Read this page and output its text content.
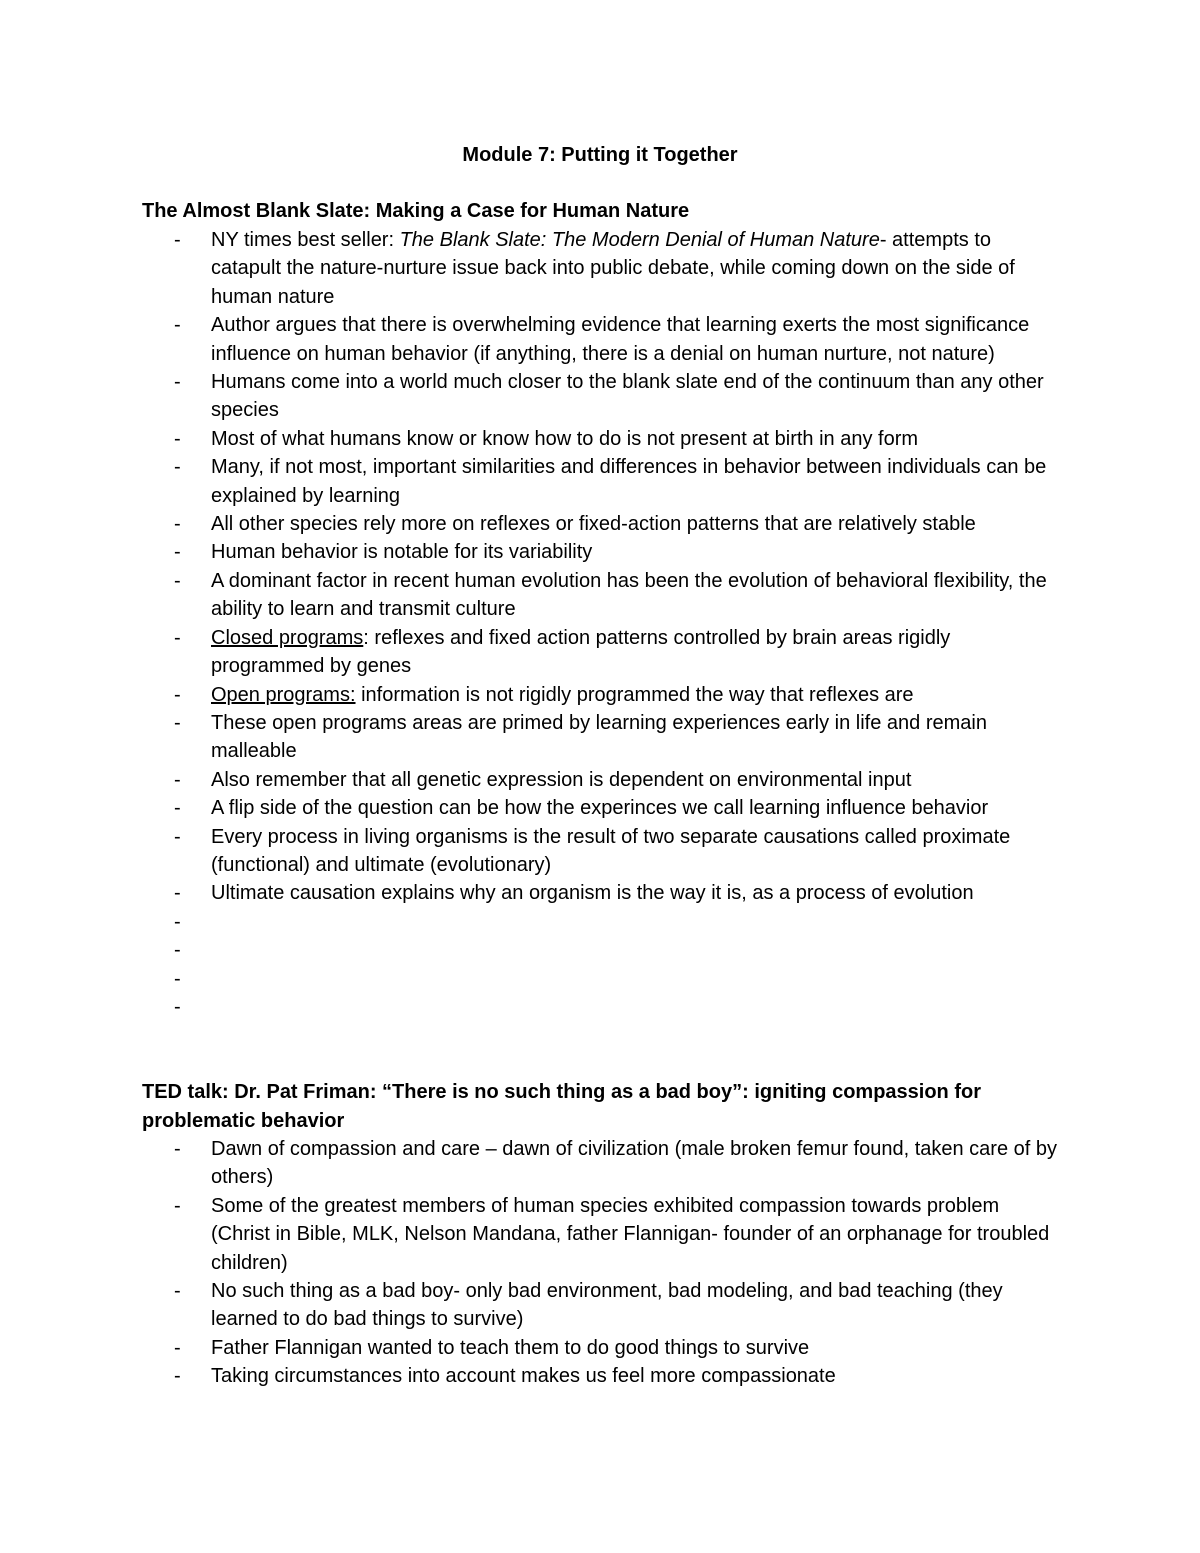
Module 7: Putting it Together
The Almost Blank Slate: Making a Case for Human Nature
- NY times best seller: The Blank Slate: The Modern Denial of Human Nature- attempts to catapult the nature-nurture issue back into public debate, while coming down on the side of human nature
- Author argues that there is overwhelming evidence that learning exerts the most significance influence on human behavior (if anything, there is a denial on human nurture, not nature)
- Humans come into a world much closer to the blank slate end of the continuum than any other species
- Most of what humans know or know how to do is not present at birth in any form
- Many, if not most, important similarities and differences in behavior between individuals can be explained by learning
- All other species rely more on reflexes or fixed-action patterns that are relatively stable
- Human behavior is notable for its variability
- A dominant factor in recent human evolution has been the evolution of behavioral flexibility, the ability to learn and transmit culture
- Closed programs: reflexes and fixed action patterns controlled by brain areas rigidly programmed by genes
- Open programs: information is not rigidly programmed the way that reflexes are
- These open programs areas are primed by learning experiences early in life and remain malleable
- Also remember that all genetic expression is dependent on environmental input
- A flip side of the question can be how the experinces we call learning influence behavior
- Every process in living organisms is the result of two separate causations called proximate (functional) and ultimate (evolutionary)
- Ultimate causation explains why an organism is the way it is, as a process of evolution
-
-
-
-
TED talk: Dr. Pat Friman: “There is no such thing as a bad boy”: igniting compassion for problematic behavior
- Dawn of compassion and care – dawn of civilization (male broken femur found, taken care of by others)
- Some of the greatest members of human species exhibited compassion towards problem (Christ in Bible, MLK, Nelson Mandana, father Flannigan- founder of an orphanage for troubled children)
- No such thing as a bad boy- only bad environment, bad modeling, and bad teaching (they learned to do bad things to survive)
- Father Flannigan wanted to teach them to do good things to survive
- Taking circumstances into account makes us feel more compassionate
